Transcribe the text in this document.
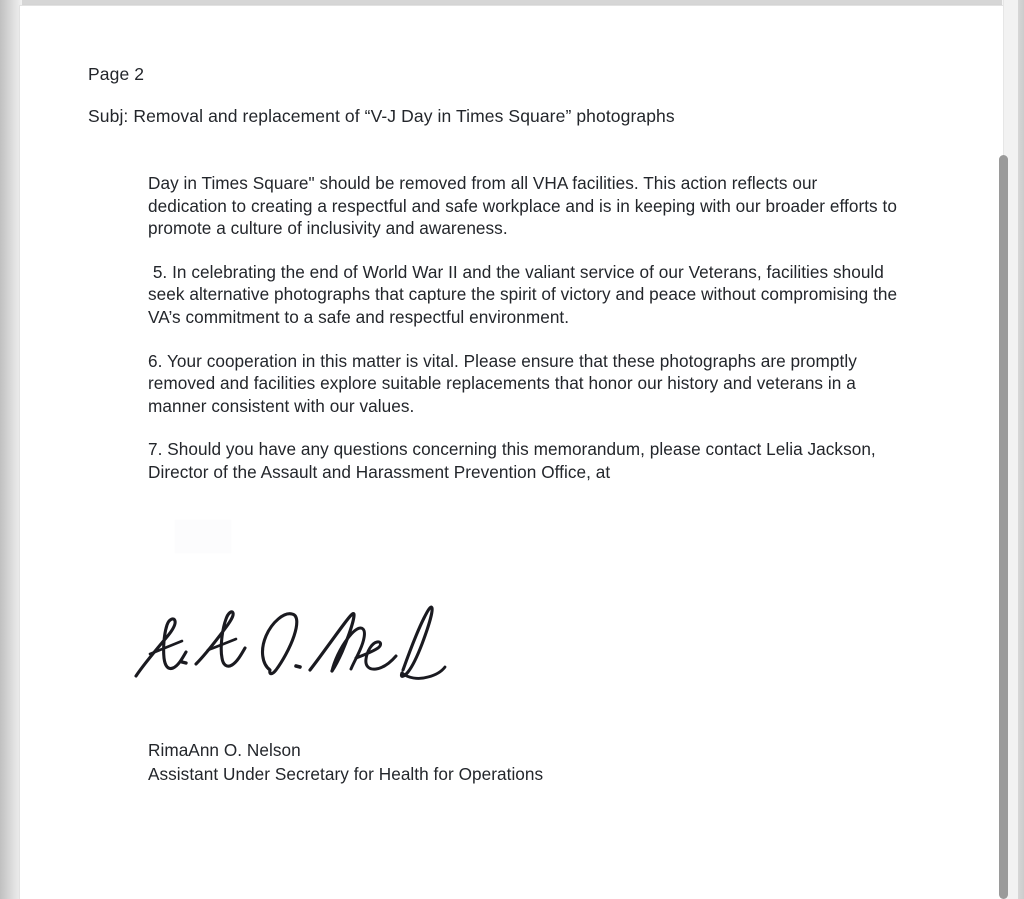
Page 2
Subj: Removal and replacement of “V-J Day in Times Square” photographs

Day in Times Square" should be removed from all VHA facilities. This action reflects our dedication to creating a respectful and safe workplace and is in keeping with our broader efforts to promote a culture of inclusivity and awareness.

5. In celebrating the end of World War II and the valiant service of our Veterans, facilities should seek alternative photographs that capture the spirit of victory and peace without compromising the VA’s commitment to a safe and respectful environment.

6. Your cooperation in this matter is vital. Please ensure that these photographs are promptly removed and facilities explore suitable replacements that honor our history and veterans in a manner consistent with our values.

7. Should you have any questions concerning this memorandum, please contact Lelia Jackson, Director of the Assault and Harassment Prevention Office, at

RimaAnn O. Nelson
Assistant Under Secretary for Health for Operations
